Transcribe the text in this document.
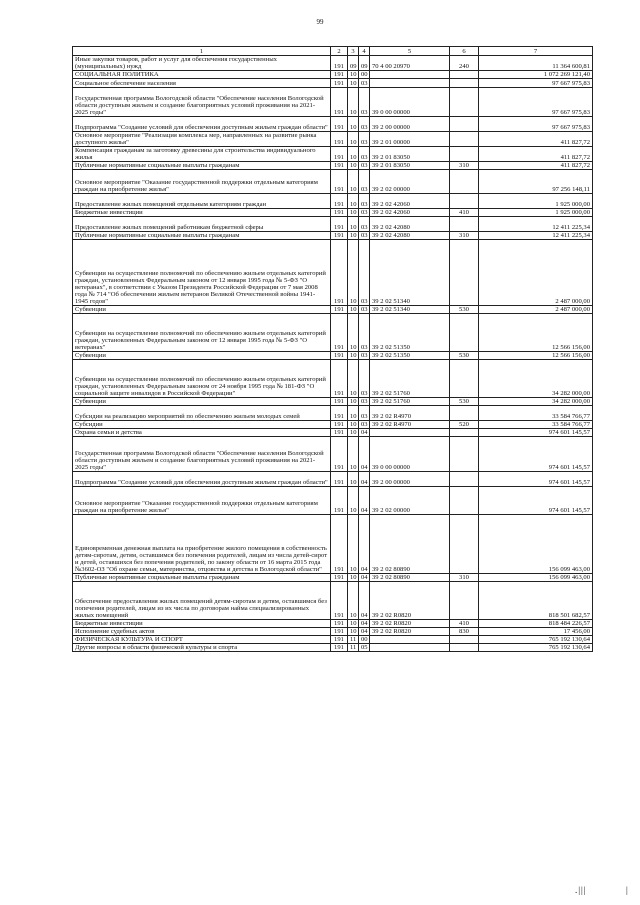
99
1	2	3	4	5	6	7
Иные закупки товаров, работ и услуг для обеспечения государственных (муниципальных) нужд	191	09	09	70 4 00 20970	240	11 364 600,81
СОЦИАЛЬНАЯ ПОЛИТИКА	191	10	00			1 072 269 121,40
Социальное обеспечение населения	191	10	03			97 667 975,83
Государственная программа Вологодской области "Обеспечение населения Вологодской области доступным жильем и создание благоприятных условий проживания на 2021-2025 годы"	191	10	03	39 0 00 00000		97 667 975,83
Подпрограмма "Создание условий для обеспечения доступным жильем граждан области"	191	10	03	39 2 00 00000		97 667 975,83
Основное мероприятие "Реализация комплекса мер, направленных на развитие рынка доступного жилья"	191	10	03	39 2 01 00000		411 827,72
Компенсация гражданам за заготовку древесины для строительства индивидуального жилья	191	10	03	39 2 01 83050		411 827,72
Публичные нормативные социальные выплаты гражданам	191	10	03	39 2 01 83050	310	411 827,72
Основное мероприятие "Оказание государственной поддержки отдельным категориям граждан на приобретение жилья"	191	10	03	39 2 02 00000		97 256 148,11
Предоставление жилых помещений отдельным категориям граждан	191	10	03	39 2 02 42060		1 925 000,00
Бюджетные инвестиции	191	10	03	39 2 02 42060	410	1 925 000,00
Предоставление жилых помещений работникам бюджетной сферы	191	10	03	39 2 02 42080		12 411 225,34
Публичные нормативные социальные выплаты гражданам	191	10	03	39 2 02 42080	310	12 411 225,34
Субвенции на осуществление полномочий по обеспечению жильем отдельных категорий граждан, установленных Федеральным законом от 12 января 1995 года № 5-ФЗ "О ветеранах", в соответствии с Указом Президента Российской Федерации от 7 мая 2008 года № 714 "Об обеспечении жильем ветеранов Великой Отечественной войны 1941-1945 годов"	191	10	03	39 2 02 51340		2 487 000,00
Субвенции	191	10	03	39 2 02 51340	530	2 487 000,00
Субвенции на осуществление полномочий по обеспечению жильем отдельных категорий граждан, установленных Федеральным законом от 12 января 1995 года № 5-ФЗ "О ветеранах"	191	10	03	39 2 02 51350		12 566 156,00
Субвенции	191	10	03	39 2 02 51350	530	12 566 156,00
Субвенции на осуществление полномочий по обеспечению жильем отдельных категорий граждан, установленных Федеральным законом от 24 ноября 1995 года № 181-ФЗ "О социальной защите инвалидов в Российской Федерации"	191	10	03	39 2 02 51760		34 282 000,00
Субвенции	191	10	03	39 2 02 51760	530	34 282 000,00
Субсидии на реализацию мероприятий по обеспечению жильем молодых семей	191	10	03	39 2 02 R4970		33 584 766,77
Субсидии	191	10	03	39 2 02 R4970	520	33 584 766,77
Охрана семьи и детства	191	10	04			974 601 145,57
Государственная программа Вологодской области "Обеспечение населения Вологодской области доступным жильем и создание благоприятных условий проживания на 2021-2025 годы"	191	10	04	39 0 00 00000		974 601 145,57
Подпрограмма "Создание условий для обеспечения доступным жильем граждан области"	191	10	04	39 2 00 00000		974 601 145,57
Основное мероприятие "Оказание государственной поддержки отдельным категориям граждан на приобретение жилья"	191	10	04	39 2 02 00000		974 601 145,57
Единовременная денежная выплата на приобретение жилого помещения в собственность детям-сиротам, детям, оставшимся без попечения родителей, лицам из числа детей-сирот и детей, оставшихся без попечения родителей, по закону области от 16 марта 2015 года №3602-ОЗ "Об охране семьи, материнства, отцовства и детства в Вологодской области"	191	10	04	39 2 02 80890		156 099 463,00
Публичные нормативные социальные выплаты гражданам	191	10	04	39 2 02 80890	310	156 099 463,00
Обеспечение предоставления жилых помещений детям-сиротам и детям, оставшимся без попечения родителей, лицам из их числа по договорам найма специализированных жилых помещений	191	10	04	39 2 02 R0820		818 501 682,57
Бюджетные инвестиции	191	10	04	39 2 02 R0820	410	818 484 226,57
Исполнение судебных актов	191	10	04	39 2 02 R0820	830	17 456,00
ФИЗИЧЕСКАЯ КУЛЬТУРА И СПОРТ	191	11	00			765 192 130,64
Другие вопросы в области физической культуры и спорта	191	11	05			765 192 130,64
.|||	|
